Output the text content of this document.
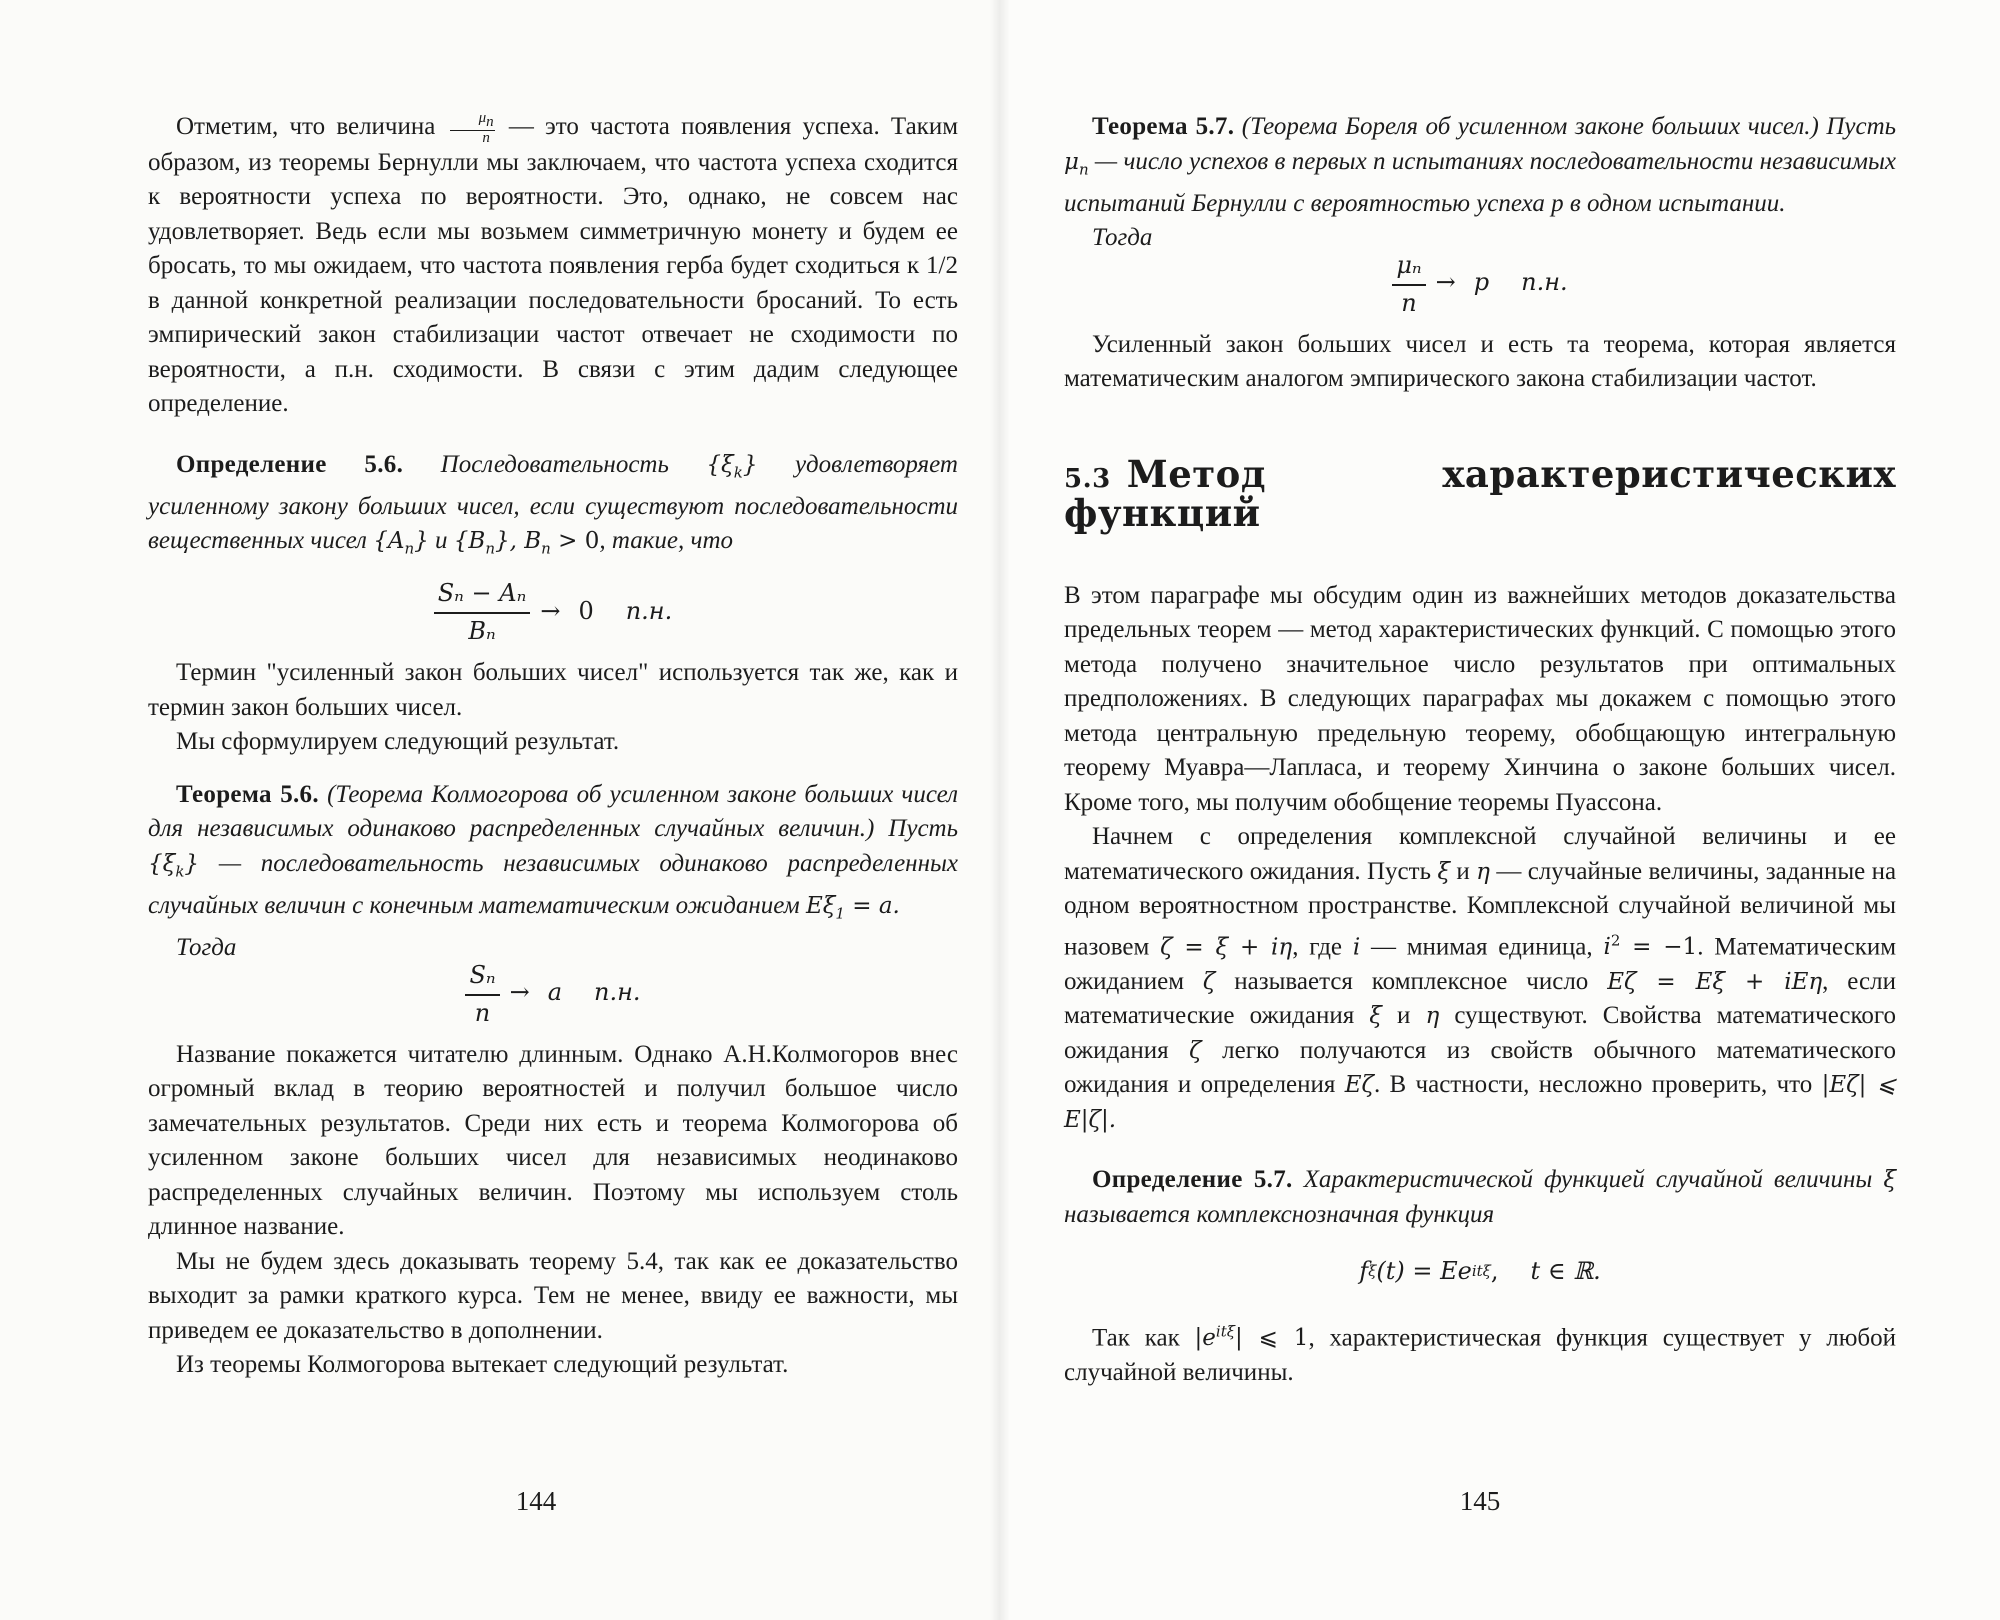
Отметим, что величина $\frac{\mu_n}{n}$ — это частота появления успеха. Таким образом, из теоремы Бернулли мы заключаем, что частота успеха сходится к вероятности успеха по вероятности. Это, однако, не совсем нас удовлетворяет. Ведь если мы возьмем симметричную монету и будем ее бросать, то мы ожидаем, что частота появления герба будет сходиться к 1/2 в данной конкретной реализации последовательности бросаний. То есть эмпирический закон стабилизации частот отвечает не сходимости по вероятности, а п.н. сходимости. В связи с этим дадим следующее определение.

Определение 5.6. Последовательность $\{\xi_k\}$ удовлетворяет усиленному закону больших чисел, если существуют последовательности вещественных чисел $\{A_n\}$ и $\{B_n\}$, $B_n > 0$, такие, что

$\frac{\text{Sₙ − Aₙ}}{\text{Bₙ}} \to 0$ п.н.

Термин "усиленный закон больших чисел" используется так же, как и термин закон больших чисел.

Мы сформулируем следующий результат.

Теорема 5.6. (Теорема Колмогорова об усиленном законе больших чисел для независимых одинаково распределенных случайных величин.) Пусть $\{\xi_k\}$ — последовательность независимых одинаково распределенных случайных величин с конечным математическим ожиданием $E\xi_1 = a$.

Тогда

$\frac{\text{Sₙ}}{n} \to a$ п.н.

Название покажется читателю длинным. Однако А.Н.Колмогоров внес огромный вклад в теорию вероятностей и получил большое число замечательных результатов. Среди них есть и теорема Колмогорова об усиленном законе больших чисел для независимых неодинаково распределенных случайных величин. Поэтому мы используем столь длинное название.

Мы не будем здесь доказывать теорему 5.4, так как ее доказательство выходит за рамки краткого курса. Тем не менее, ввиду ее важности, мы приведем ее доказательство в дополнении.

Из теоремы Колмогорова вытекает следующий результат.

144

Теорема 5.7. (Теорема Бореля об усиленном законе больших чисел.) Пусть $\mu_n$ — число успехов в первых n испытаниях последовательности независимых испытаний Бернулли с вероятностью успеха p в одном испытании.

Тогда

$\frac{\text{μₙ}}{n} \to p$ п.н.

Усиленный закон больших чисел и есть та теорема, которая является математическим аналогом эмпирического закона стабилизации частот.

5.3 Метод характеристических функций

В этом параграфе мы обсудим один из важнейших методов доказательства предельных теорем — метод характеристических функций. С помощью этого метода получено значительное число результатов при оптимальных предположениях. В следующих параграфах мы докажем с помощью этого метода центральную предельную теорему, обобщающую интегральную теорему Муавра—Лапласа, и теорему Хинчина о законе больших чисел. Кроме того, мы получим обобщение теоремы Пуассона.

Начнем с определения комплексной случайной величины и ее математического ожидания. Пусть ξ и η — случайные величины, заданные на одном вероятностном пространстве. Комплексной случайной величиной мы назовем ζ = ξ + iη, где i — мнимая единица, $i^2 = -1$. Математическим ожиданием ζ называется комплексное число Eζ = Eξ + iEη, если математические ожидания ξ и η существуют. Свойства математического ожидания ζ легко получаются из свойств обычного математического ожидания и определения Eζ. В частности, несложно проверить, что |Eζ| ⩽ E|ζ|.

Определение 5.7. Характеристической функцией случайной величины ξ называется комплекснозначная функция

f ξ (t) = Ee itξ , t ∈ ℝ.

Так как $|e^{it\xi}|$ ⩽ 1, характеристическая функция существует у любой случайной величины.

145
